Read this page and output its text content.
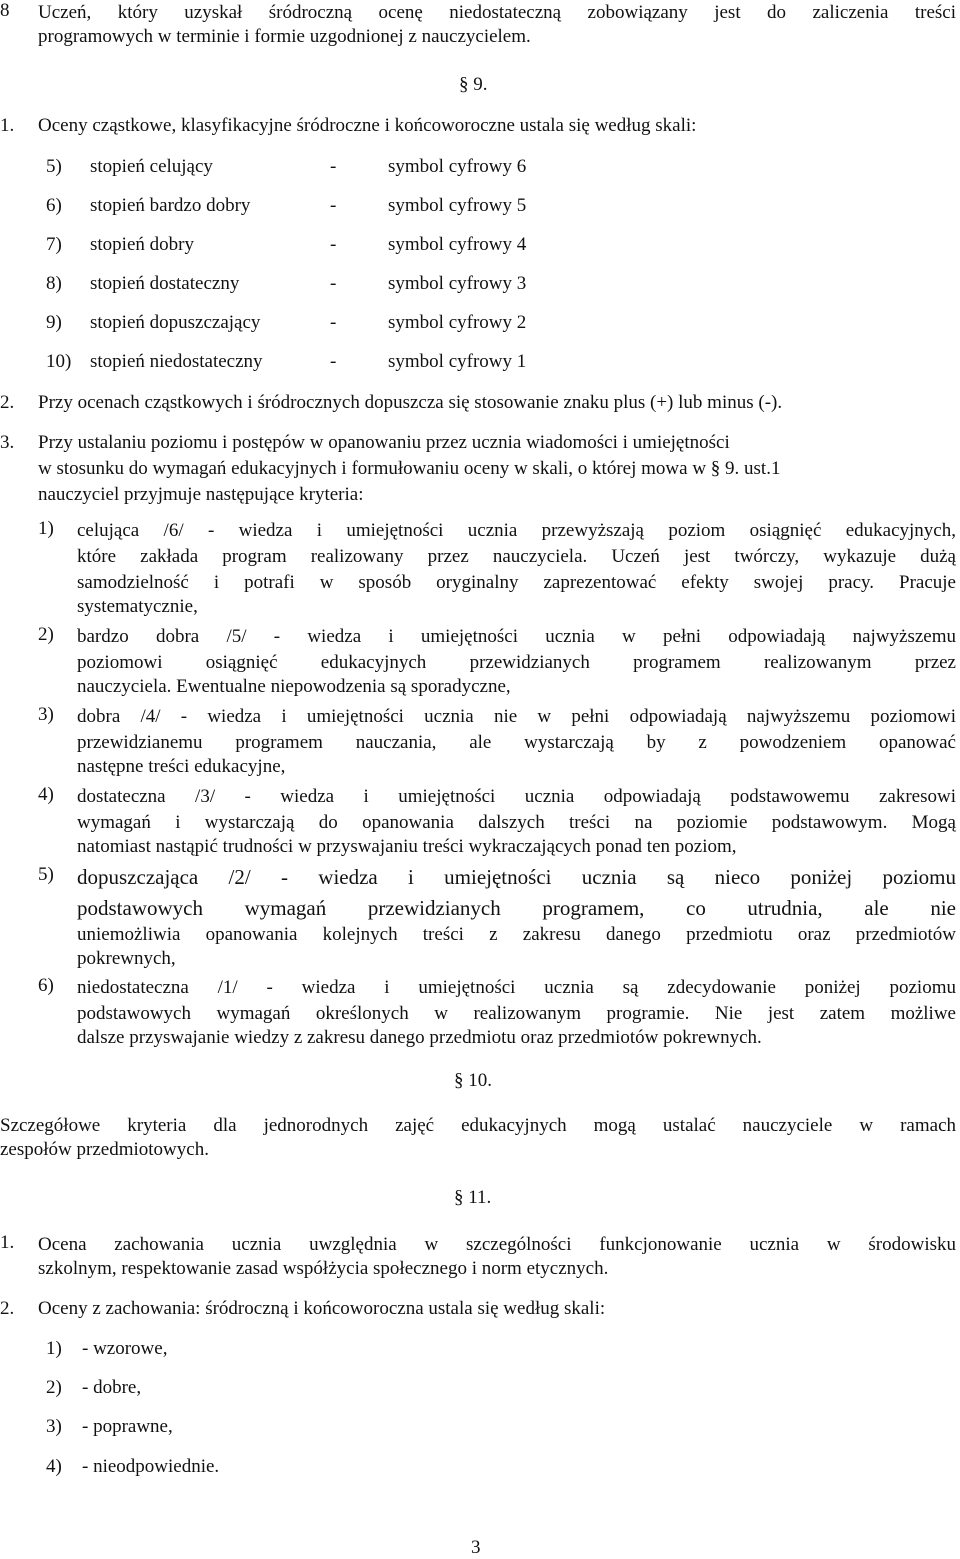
8 Uczeń, który uzyskał śródroczną ocenę niedostateczną zobowiązany jest do zaliczenia treści
programowych w terminie i formie uzgodnionej z nauczycielem.
§ 9.
1. Oceny cząstkowe, klasyfikacyjne śródroczne i końcoworoczne ustala się według skali:
5) stopień celujący	-	symbol cyfrowy 6
6) stopień bardzo dobry	-	symbol cyfrowy 5
7) stopień dobry	-	symbol cyfrowy 4
8) stopień dostateczny	-	symbol cyfrowy 3
9) stopień dopuszczający	-	symbol cyfrowy 2
10) stopień niedostateczny	-	symbol cyfrowy 1
2. Przy ocenach cząstkowych i śródrocznych dopuszcza się stosowanie znaku plus (+) lub minus (-).
3. Przy ustalaniu poziomu i postępów w opanowaniu przez ucznia wiadomości i umiejętności
w stosunku do wymagań edukacyjnych i formułowaniu oceny w skali, o której mowa w § 9. ust.1
nauczyciel przyjmuje następujące kryteria:
1) celująca /6/ - wiedza i umiejętności ucznia przewyższają poziom osiągnięć edukacyjnych,
które zakłada program realizowany przez nauczyciela. Uczeń jest twórczy, wykazuje dużą
samodzielność i potrafi w sposób oryginalny zaprezentować efekty swojej pracy. Pracuje
systematycznie,
2) bardzo dobra /5/ - wiedza i umiejętności ucznia w pełni odpowiadają najwyższemu
poziomowi osiągnięć edukacyjnych przewidzianych programem realizowanym przez
nauczyciela. Ewentualne niepowodzenia są sporadyczne,
3) dobra /4/ - wiedza i umiejętności ucznia nie w pełni odpowiadają najwyższemu poziomowi
przewidzianemu programem nauczania, ale wystarczają by z powodzeniem opanować
następne treści edukacyjne,
4) dostateczna /3/ - wiedza i umiejętności ucznia odpowiadają podstawowemu zakresowi
wymagań i wystarczają do opanowania dalszych treści na poziomie podstawowym. Mogą
natomiast nastąpić trudności w przyswajaniu treści wykraczających ponad ten poziom,
5) dopuszczająca /2/ - wiedza i umiejętności ucznia są nieco poniżej poziomu
podstawowych wymagań przewidzianych programem, co utrudnia, ale nie
uniemożliwia opanowania kolejnych treści z zakresu danego przedmiotu oraz przedmiotów
pokrewnych,
6) niedostateczna /1/ - wiedza i umiejętności ucznia są zdecydowanie poniżej poziomu
podstawowych wymagań określonych w realizowanym programie. Nie jest zatem możliwe
dalsze przyswajanie wiedzy z zakresu danego przedmiotu oraz przedmiotów pokrewnych.
§ 10.
Szczegółowe kryteria dla jednorodnych zajęć edukacyjnych mogą ustalać nauczyciele w ramach
zespołów przedmiotowych.
§ 11.
1. Ocena zachowania ucznia uwzględnia w szczególności funkcjonowanie ucznia w środowisku
szkolnym, respektowanie zasad współżycia społecznego i norm etycznych.
2. Oceny z zachowania: śródroczną i końcoworoczna ustala się według skali:
1) - wzorowe,
2) - dobre,
3) - poprawne,
4) - nieodpowiednie.
3
